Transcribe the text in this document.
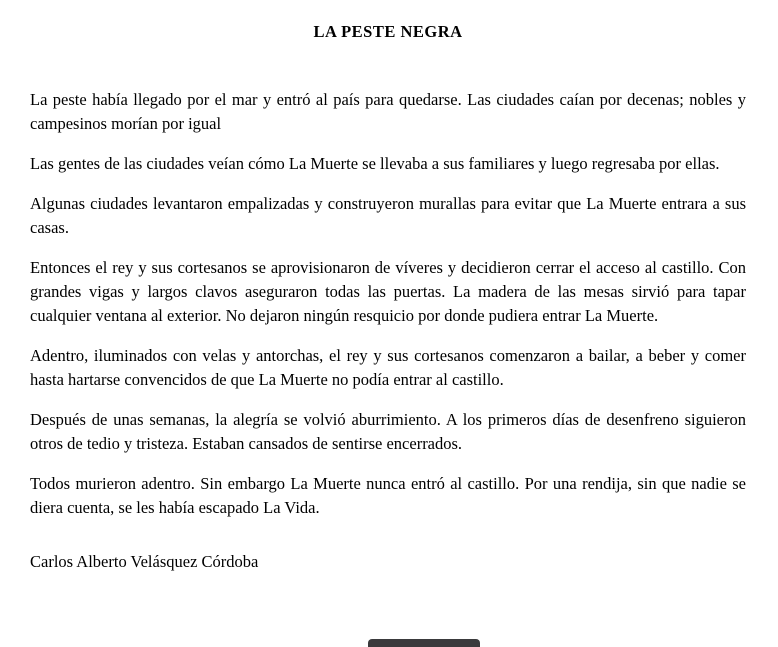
LA PESTE NEGRA

La peste había llegado por el mar y entró al país para quedarse. Las ciudades caían por decenas; nobles y campesinos morían por igual

Las gentes de las ciudades veían cómo La Muerte se llevaba a sus familiares y luego regresaba por ellas.

Algunas ciudades levantaron empalizadas y construyeron murallas para evitar que La Muerte entrara a sus casas.

Entonces el rey y sus cortesanos se aprovisionaron de víveres y decidieron cerrar el acceso al castillo. Con grandes vigas y largos clavos aseguraron todas las puertas. La madera de las mesas sirvió para tapar cualquier ventana al exterior. No dejaron ningún resquicio por donde pudiera entrar La Muerte.

Adentro, iluminados con velas y antorchas, el rey y sus cortesanos comenzaron a bailar, a beber y comer hasta hartarse convencidos de que La Muerte no podía entrar al castillo.

Después de unas semanas, la alegría se volvió aburrimiento. A los primeros días de desenfreno siguieron otros de tedio y tristeza. Estaban cansados de sentirse encerrados.

Todos murieron adentro. Sin embargo La Muerte nunca entró al castillo. Por una rendija, sin que nadie se diera cuenta, se les había escapado La Vida.

Carlos Alberto Velásquez Córdoba
